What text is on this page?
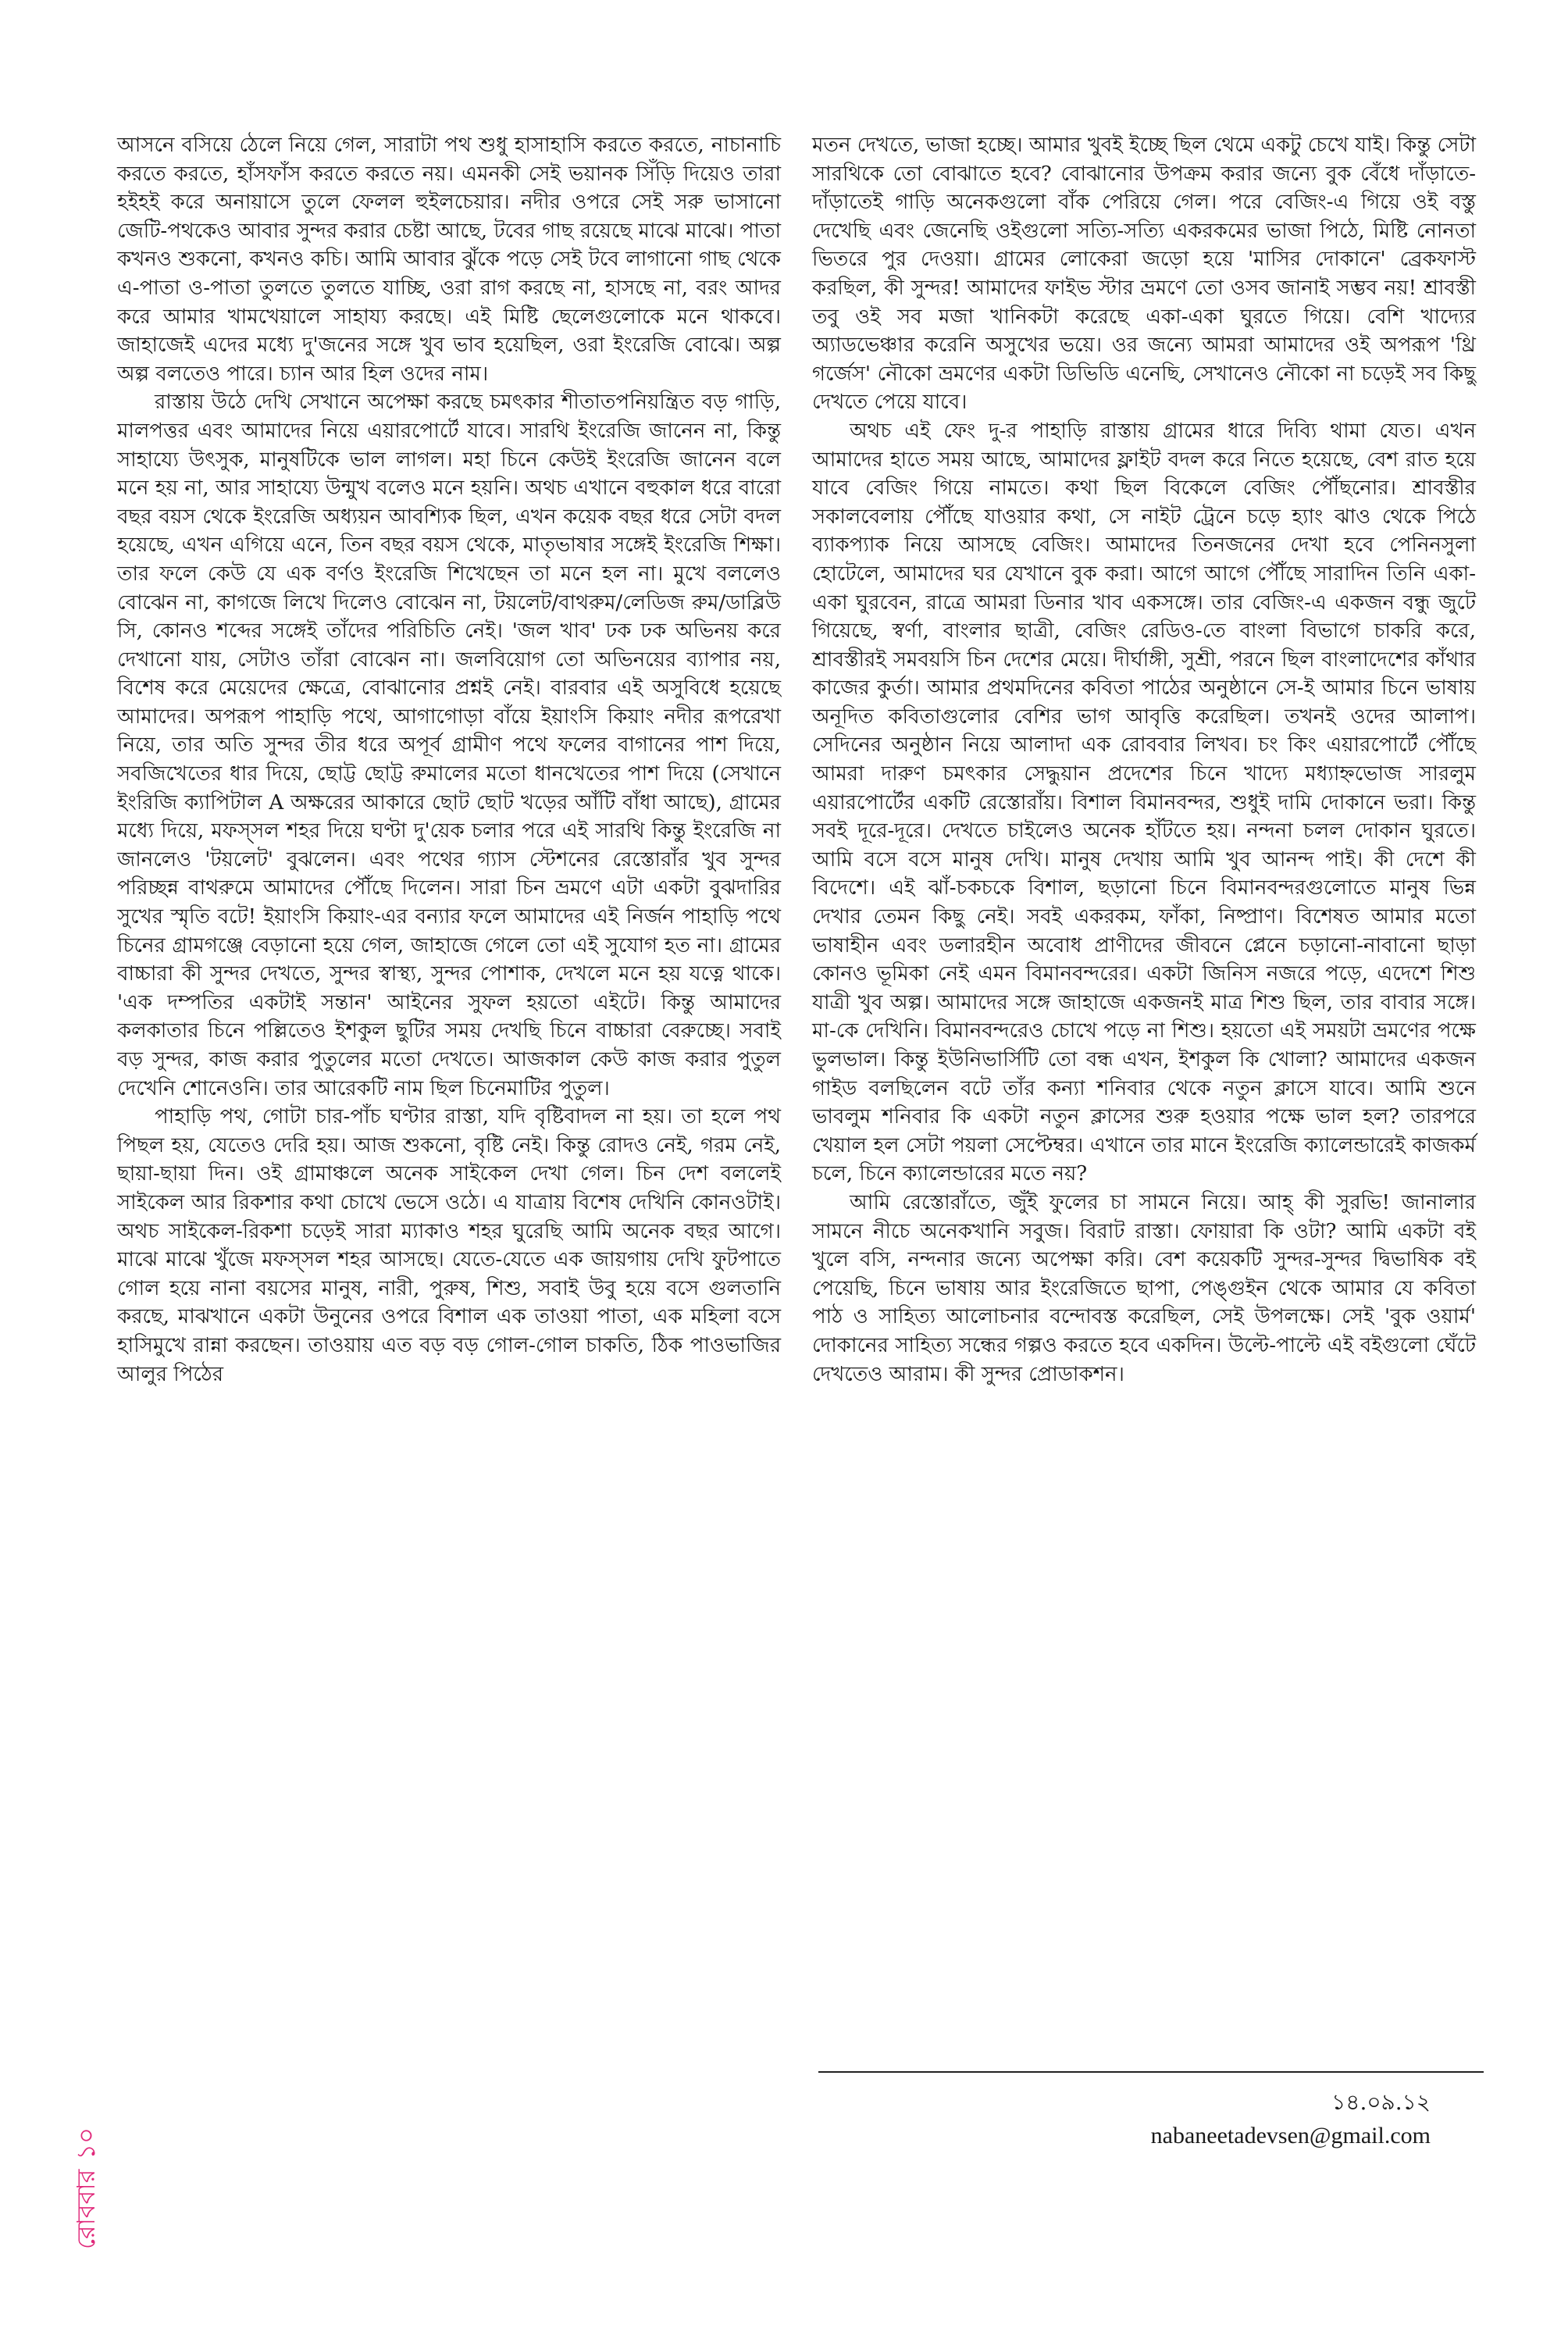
আসনে বসিয়ে ঠেলে নিয়ে গেল, সারাটা পথ শুধু হাসাহাসি করতে করতে, নাচানাচি করতে করতে, হাঁসফাঁস করতে করতে নয়। এমনকী সেই ভয়ানক সিঁড়ি দিয়েও তারা হইহই করে অনায়াসে তুলে ফেলল হুইলচেয়ার। নদীর ওপরে সেই সরু ভাসানো জেটি-পথকেও আবার সুন্দর করার চেষ্টা আছে, টবের গাছ রয়েছে মাঝে মাঝে। পাতা কখনও শুকনো, কখনও কচি। আমি আবার ঝুঁকে পড়ে সেই টবে লাগানো গাছ থেকে এ-পাতা ও-পাতা তুলতে তুলতে যাচ্ছি, ওরা রাগ করছে না, হাসছে না, বরং আদর করে আমার খামখেয়ালে সাহায্য করছে। এই মিষ্টি ছেলেগুলোকে মনে থাকবে। জাহাজেই এদের মধ্যে দু'জনের সঙ্গে খুব ভাব হয়েছিল, ওরা ইংরেজি বোঝে। অল্প অল্প বলতেও পারে। চ্যান আর হিল ওদের নাম।

রাস্তায় উঠে দেখি সেখানে অপেক্ষা করছে চমৎকার শীতাতপনিয়ন্ত্রিত বড় গাড়ি, মালপত্তর এবং আমাদের নিয়ে এয়ারপোর্টে যাবে। সারথি ইংরেজি জানেন না, কিন্তু সাহায্যে উৎসুক, মানুষটিকে ভাল লাগল। মহা চিনে কেউই ইংরেজি জানেন বলে মনে হয় না, আর সাহায্যে উন্মুখ বলেও মনে হয়নি। অথচ এখানে বহুকাল ধরে বারো বছর বয়স থেকে ইংরেজি অধ্যয়ন আবশ্যিক ছিল, এখন কয়েক বছর ধরে সেটা বদল হয়েছে, এখন এগিয়ে এনে, তিন বছর বয়স থেকে, মাতৃভাষার সঙ্গেই ইংরেজি শিক্ষা। তার ফলে কেউ যে এক বর্ণও ইংরেজি শিখেছেন তা মনে হল না। মুখে বললেও বোঝেন না, কাগজে লিখে দিলেও বোঝেন না, টয়লেট/বাথরুম/লেডিজ রুম/ডাব্লিউ সি, কোনও শব্দের সঙ্গেই তাঁদের পরিচিতি নেই। 'জল খাব' ঢক ঢক অভিনয় করে দেখানো যায়, সেটাও তাঁরা বোঝেন না। জলবিয়োগ তো অভিনয়ের ব্যাপার নয়, বিশেষ করে মেয়েদের ক্ষেত্রে, বোঝানোর প্রশ্নই নেই। বারবার এই অসুবিধে হয়েছে আমাদের। অপরূপ পাহাড়ি পথে, আগাগোড়া বাঁয়ে ইয়াংসি কিয়াং নদীর রূপরেখা নিয়ে, তার অতি সুন্দর তীর ধরে অপূর্ব গ্রামীণ পথে ফলের বাগানের পাশ দিয়ে, সবজিখেতের ধার দিয়ে, ছোট্ট ছোট্ট রুমালের মতো ধানখেতের পাশ দিয়ে (সেখানে ইংরিজি ক্যাপিটাল A অক্ষরের আকারে ছোট ছোট খড়ের আঁটি বাঁধা আছে), গ্রামের মধ্যে দিয়ে, মফস্সল শহর দিয়ে ঘণ্টা দু'য়েক চলার পরে এই সারথি কিন্তু ইংরেজি না জানলেও 'টয়লেট' বুঝলেন। এবং পথের গ্যাস স্টেশনের রেস্তোরাঁর খুব সুন্দর পরিচ্ছন্ন বাথরুমে আমাদের পৌঁছে দিলেন। সারা চিন ভ্রমণে এটা একটা বুঝদারির সুখের স্মৃতি বটে! ইয়াংসি কিয়াং-এর বন্যার ফলে আমাদের এই নির্জন পাহাড়ি পথে চিনের গ্রামগঞ্জে বেড়ানো হয়ে গেল, জাহাজে গেলে তো এই সুযোগ হত না। গ্রামের বাচ্চারা কী সুন্দর দেখতে, সুন্দর স্বাস্থ্য, সুন্দর পোশাক, দেখলে মনে হয় যত্নে থাকে। 'এক দম্পতির একটাই সন্তান' আইনের সুফল হয়তো এইটে। কিন্তু আমাদের কলকাতার চিনে পল্লিতেও ইশকুল ছুটির সময় দেখছি চিনে বাচ্চারা বেরুচ্ছে। সবাই বড় সুন্দর, কাজ করার পুতুলের মতো দেখতে। আজকাল কেউ কাজ করার পুতুল দেখেনি শোনেওনি। তার আরেকটি নাম ছিল চিনেমাটির পুতুল।

পাহাড়ি পথ, গোটা চার-পাঁচ ঘণ্টার রাস্তা, যদি বৃষ্টিবাদল না হয়। তা হলে পথ পিছল হয়, যেতেও দেরি হয়। আজ শুকনো, বৃষ্টি নেই। কিন্তু রোদও নেই, গরম নেই, ছায়া-ছায়া দিন। ওই গ্রামাঞ্চলে অনেক সাইকেল দেখা গেল। চিন দেশ বললেই সাইকেল আর রিকশার কথা চোখে ভেসে ওঠে। এ যাত্রায় বিশেষ দেখিনি কোনওটাই। অথচ সাইকেল-রিকশা চড়েই সারা ম্যাকাও শহর ঘুরেছি আমি অনেক বছর আগে। মাঝে মাঝে খুঁজে মফস্সল শহর আসছে। যেতে-যেতে এক জায়গায় দেখি ফুটপাতে গোল হয়ে নানা বয়সের মানুষ, নারী, পুরুষ, শিশু, সবাই উবু হয়ে বসে গুলতানি করছে, মাঝখানে একটা উনুনের ওপরে বিশাল এক তাওয়া পাতা, এক মহিলা বসে হাসিমুখে রান্না করছেন। তাওয়ায় এত বড় বড় গোল-গোল চাকতি, ঠিক পাওভাজির আলুর পিঠের

মতন দেখতে, ভাজা হচ্ছে। আমার খুবই ইচ্ছে ছিল থেমে একটু চেখে যাই। কিন্তু সেটা সারথিকে তো বোঝাতে হবে? বোঝানোর উপক্রম করার জন্যে বুক বেঁধে দাঁড়াতে-দাঁড়াতেই গাড়ি অনেকগুলো বাঁক পেরিয়ে গেল। পরে বেজিং-এ গিয়ে ওই বস্তু দেখেছি এবং জেনেছি ওইগুলো সত্যি-সত্যি একরকমের ভাজা পিঠে, মিষ্টি নোনতা ভিতরে পুর দেওয়া। গ্রামের লোকেরা জড়ো হয়ে 'মাসির দোকানে' ব্রেকফাস্ট করছিল, কী সুন্দর! আমাদের ফাইভ স্টার ভ্রমণে তো ওসব জানাই সম্ভব নয়! শ্রাবস্তী তবু ওই সব মজা খানিকটা করেছে একা-একা ঘুরতে গিয়ে। বেশি খাদ্যের অ্যাডভেঞ্চার করেনি অসুখের ভয়ে। ওর জন্যে আমরা আমাদের ওই অপরূপ 'থ্রি গর্জেস' নৌকো ভ্রমণের একটা ডিভিডি এনেছি, সেখানেও নৌকো না চড়েই সব কিছু দেখতে পেয়ে যাবে।

অথচ এই ফেং দু-র পাহাড়ি রাস্তায় গ্রামের ধারে দিব্যি থামা যেত। এখন আমাদের হাতে সময় আছে, আমাদের ফ্লাইট বদল করে নিতে হয়েছে, বেশ রাত হয়ে যাবে বেজিং গিয়ে নামতে। কথা ছিল বিকেলে বেজিং পৌঁছনোর। শ্রাবস্তীর সকালবেলায় পৌঁছে যাওয়ার কথা, সে নাইট ট্রেনে চড়ে হ্যাং ঝাও থেকে পিঠে ব্যাকপ্যাক নিয়ে আসছে বেজিং। আমাদের তিনজনের দেখা হবে পেনিনসুলা হোটেলে, আমাদের ঘর যেখানে বুক করা। আগে আগে পৌঁছে সারাদিন তিনি একা-একা ঘুরবেন, রাত্রে আমরা ডিনার খাব একসঙ্গে। তার বেজিং-এ একজন বন্ধু জুটে গিয়েছে, স্বর্ণা, বাংলার ছাত্রী, বেজিং রেডিও-তে বাংলা বিভাগে চাকরি করে, শ্রাবস্তীরই সমবয়সি চিন দেশের মেয়ে। দীর্ঘাঙ্গী, সুশ্রী, পরনে ছিল বাংলাদেশের কাঁথার কাজের কুর্তা। আমার প্রথমদিনের কবিতা পাঠের অনুষ্ঠানে সে-ই আমার চিনে ভাষায় অনূদিত কবিতাগুলোর বেশির ভাগ আবৃত্তি করেছিল। তখনই ওদের আলাপ। সেদিনের অনুষ্ঠান নিয়ে আলাদা এক রোববার লিখব। চং কিং এয়ারপোর্টে পৌঁছে আমরা দারুণ চমৎকার সেদ্ধুয়ান প্রদেশের চিনে খাদ্যে মধ্যাহ্নভোজ সারলুম এয়ারপোর্টের একটি রেস্তোরাঁয়। বিশাল বিমানবন্দর, শুধুই দামি দোকানে ভরা। কিন্তু সবই দূরে-দূরে। দেখতে চাইলেও অনেক হাঁটতে হয়। নন্দনা চলল দোকান ঘুরতে। আমি বসে বসে মানুষ দেখি। মানুষ দেখায় আমি খুব আনন্দ পাই। কী দেশে কী বিদেশে। এই ঝাঁ-চকচকে বিশাল, ছড়ানো চিনে বিমানবন্দরগুলোতে মানুষ ভিন্ন দেখার তেমন কিছু নেই। সবই একরকম, ফাঁকা, নিষ্প্রাণ। বিশেষত আমার মতো ভাষাহীন এবং ডলারহীন অবোধ প্রাণীদের জীবনে প্লেনে চড়ানো-নাবানো ছাড়া কোনও ভূমিকা নেই এমন বিমানবন্দরের। একটা জিনিস নজরে পড়ে, এদেশে শিশু যাত্রী খুব অল্প। আমাদের সঙ্গে জাহাজে একজনই মাত্র শিশু ছিল, তার বাবার সঙ্গে। মা-কে দেখিনি। বিমানবন্দরেও চোখে পড়ে না শিশু। হয়তো এই সময়টা ভ্রমণের পক্ষে ভুলভাল। কিন্তু ইউনিভার্সিটি তো বন্ধ এখন, ইশকুল কি খোলা? আমাদের একজন গাইড বলছিলেন বটে তাঁর কন্যা শনিবার থেকে নতুন ক্লাসে যাবে। আমি শুনে ভাবলুম শনিবার কি একটা নতুন ক্লাসের শুরু হওয়ার পক্ষে ভাল হল? তারপরে খেয়াল হল সেটা পয়লা সেপ্টেম্বর। এখানে তার মানে ইংরেজি ক্যালেন্ডারেই কাজকর্ম চলে, চিনে ক্যালেন্ডারের মতে নয়?

আমি রেস্তোরাঁতে, জুঁই ফুলের চা সামনে নিয়ে। আহ্ কী সুরভি! জানালার সামনে নীচে অনেকখানি সবুজ। বিরাট রাস্তা। ফোয়ারা কি ওটা? আমি একটা বই খুলে বসি, নন্দনার জন্যে অপেক্ষা করি। বেশ কয়েকটি সুন্দর-সুন্দর দ্বিভাষিক বই পেয়েছি, চিনে ভাষায় আর ইংরেজিতে ছাপা, পেঙ্গুইন থেকে আমার যে কবিতা পাঠ ও সাহিত্য আলোচনার বন্দোবস্ত করেছিল, সেই উপলক্ষে। সেই 'বুক ওয়ার্ম' দোকানের সাহিত্য সন্ধের গল্পও করতে হবে একদিন। উল্টে-পাল্টে এই বইগুলো ঘেঁটে দেখতেও আরাম। কী সুন্দর প্রোডাকশন।

১৪.০৯.১২
nabaneetadevsen@gmail.com
রোববার১০
